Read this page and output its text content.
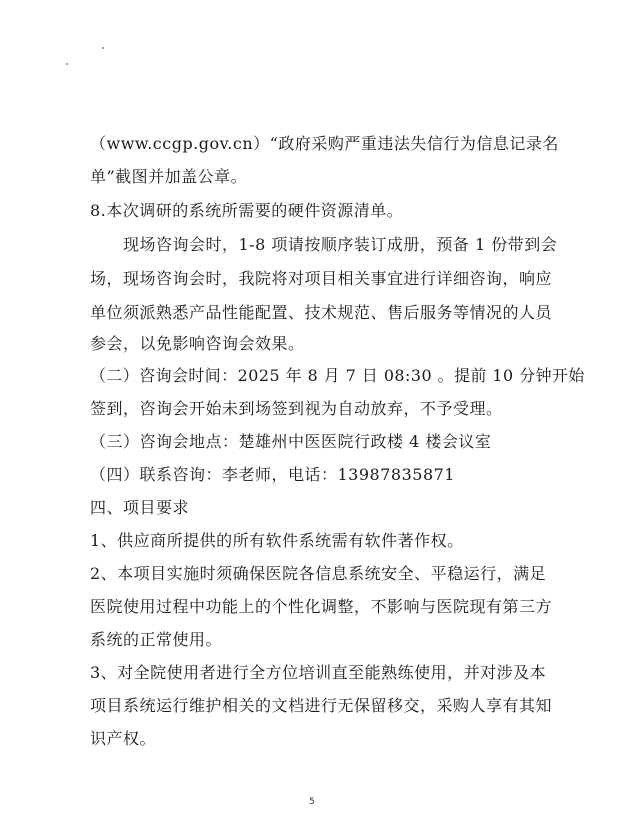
（www.ccgp.gov.cn）“政府采购严重违法失信行为信息记录名
单”截图并加盖公章。
8.本次调研的系统所需要的硬件资源清单。
　　现场咨询会时，1-8 项请按顺序装订成册，预备 1 份带到会
场，现场咨询会时，我院将对项目相关事宜进行详细咨询，响应
单位须派熟悉产品性能配置、技术规范、售后服务等情况的人员
参会，以免影响咨询会效果。
（二）咨询会时间：2025 年 8 月 7 日 08:30 。提前 10 分钟开始
签到，咨询会开始未到场签到视为自动放弃，不予受理。
（三）咨询会地点：楚雄州中医医院行政楼 4 楼会议室
（四）联系咨询：李老师，电话：13987835871
四、项目要求
1、供应商所提供的所有软件系统需有软件著作权。
2、本项目实施时须确保医院各信息系统安全、平稳运行，满足
医院使用过程中功能上的个性化调整，不影响与医院现有第三方
系统的正常使用。
3、对全院使用者进行全方位培训直至能熟练使用，并对涉及本
项目系统运行维护相关的文档进行无保留移交，采购人享有其知
识产权。
5
